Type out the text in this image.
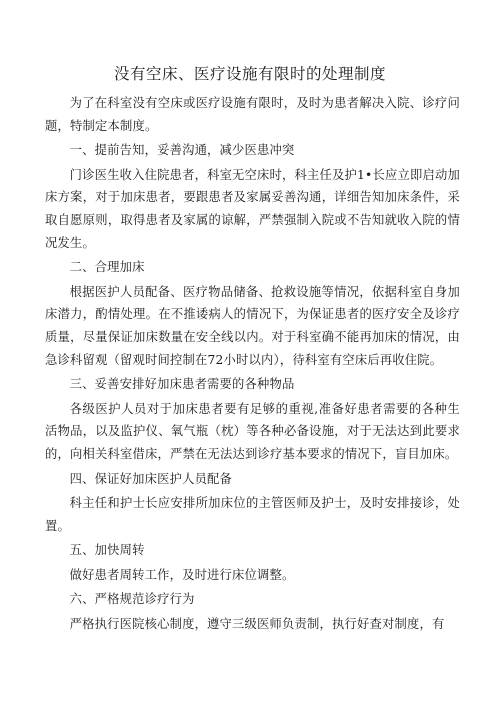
没有空床、医疗设施有限时的处理制度

为了在科室没有空床或医疗设施有限时，及时为患者解决入院、诊疗问题，特制定本制度。

一、提前告知，妥善沟通，减少医患冲突

门诊医生收入住院患者，科室无空床时，科主任及护1•长应立即启动加床方案，对于加床患者，要跟患者及家属妥善沟通，详细告知加床条件，采取自愿原则，取得患者及家属的谅解，严禁强制入院或不告知就收入院的情况发生。

二、合理加床

根据医护人员配备、医疗物品储备、抢救设施等情况，依据科室自身加床潜力，酌情处理。在不推诿病人的情况下，为保证患者的医疗安全及诊疗质量，尽量保证加床数量在安全线以内。对于科室确不能再加床的情况，由急诊科留观（留观时间控制在72小时以内），待科室有空床后再收住院。

三、妥善安排好加床患者需要的各种物品

各级医护人员对于加床患者要有足够的重视,准备好患者需要的各种生活物品，以及监护仪、氧气瓶（枕）等各种必备设施，对于无法达到此要求的，向相关科室借床，严禁在无法达到诊疗基本要求的情况下，盲目加床。

四、保证好加床医护人员配备

科主任和护士长应安排所加床位的主管医师及护士，及时安排接诊，处置。

五、加快周转

做好患者周转工作，及时进行床位调整。

六、严格规范诊疗行为

严格执行医院核心制度，遵守三级医师负责制，执行好查对制度，有
